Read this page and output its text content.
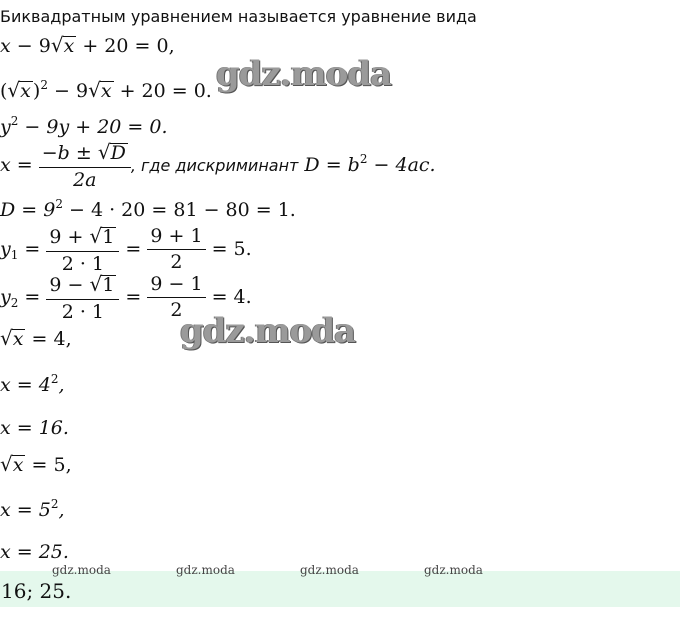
Биквадратным уравнением называется уравнение вида
x − 9√x + 20 = 0,
(√x )$^2$ − 9√x + 20 = 0.
$y^2 - 9y + 20 = 0$.
$x = \frac{-b \pm √D}{2a}$ , где дискриминант $D = b^2 - 4ac$.
$D = 9^2 - 4 \cdot 20 = 81 - 80 = 1$.
$y_1 = \frac{9 + √1}{2 \cdot 1} = \frac{9 + 1}{2} = 5$.
$y_2 = \frac{9 - √1}{2 \cdot 1} = \frac{9 - 1}{2} = 4$.
√x = 4,
$x = 4^2$,
x = 16.
√x = 5,
$x = 5^2$,
x = 25.
gdz.moda
gdz.moda
16; 25.
gdz.moda	gdz.moda	gdz.moda	gdz.moda
